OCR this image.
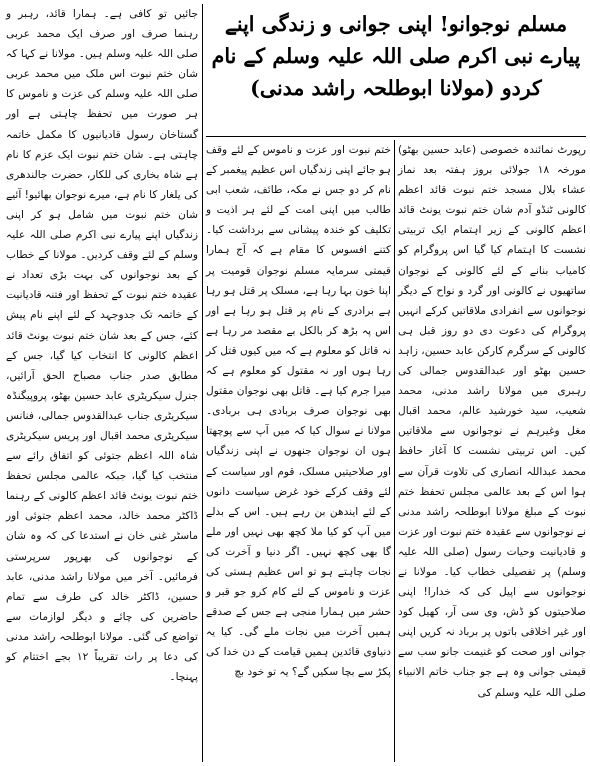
مسلم نوجوانو! اپنی جوانی و زندگی اپنے پیارے نبی اکرم صلی اللہ علیہ وسلم کے نام کردو (مولانا ابوطلحہ راشد مدنی)

رپورٹ نمائندہ خصوصی (عابد حسین بھٹو) مورخہ ۱۸ جولائی بروز ہفتہ بعد نماز عشاء بلال مسجد ختم نبوت قائد اعظم کالونی ٹنڈو آدم شان ختم نبوت یونٹ قائد اعظم کالونی کے زیر اہتمام ایک تربیتی نشست کا اہتمام کیا گیا اس پروگرام کو کامیاب بنانے کے لئے کالونی کے نوجوان ساتھیوں نے کالونی اور گرد و نواح کے دیگر نوجوانوں سے انفرادی ملاقاتیں کرکے انہیں پروگرام کی دعوت دی دو روز قبل ہی کالونی کے سرگرم کارکن عابد حسین، زاہد حسین بھٹو اور عبدالقدوس جمالی کی رہبری میں مولانا راشد مدنی، محمد شعیب، سید خورشید عالم، محمد اقبال مغل وغیرہم نے نوجوانوں سے ملاقاتیں کیں۔ اس تربیتی نشست کا آغاز حافظ محمد عبداللہ انصاری کی تلاوت قرآن سے ہوا اس کے بعد عالمی مجلس تحفظ ختم نبوت کے مبلغ مولانا ابوطلحہ راشد مدنی نے نوجوانوں سے عقیدہ ختم نبوت اور عزت و قادیانیت وحیات رسول (صلی اللہ علیہ وسلم) پر تفصیلی خطاب کیا۔ مولانا نے نوجوانوں سے اپیل کی کہ خدارا! اپنی صلاحیتوں کو ڈش، وی سی آر، کھیل کود اور غیر اخلاقی باتوں پر برباد نہ کریں اپنی جوانی اور صحت کو غنیمت جانو سب سے قیمتی جوانی وہ ہے جو جناب خاتم الانبیاء صلی اللہ علیہ وسلم کی

ختم نبوت اور عزت و ناموس کے لئے وقف ہو جائے اپنی زندگیاں اس عظیم پیغمبر کے نام کر دو جس نے مکہ، طائف، شعب ابی طالب میں اپنی امت کے لئے ہر اذیت و تکلیف کو خندہ پیشانی سے برداشت کیا۔ کتنے افسوس کا مقام ہے کہ آج ہمارا قیمتی سرمایہ مسلم نوجوان قومیت پر اپنا خون بہا رہا ہے، مسلک پر قتل ہو رہا ہے برادری کے نام پر قتل ہو رہا ہے اور اس پہ بڑھ کر بالکل بے مقصد مر رہا ہے نہ قاتل کو معلوم ہے کہ میں کیوں قتل کر رہا ہوں اور نہ مقتول کو معلوم ہے کہ میرا جرم کیا ہے۔ قاتل بھی نوجوان مقتول بھی نوجوان صرف بربادی ہی بربادی۔ مولانا نے سوال کیا کہ میں آپ سے پوچھتا ہوں ان نوجوان جنھوں نے اپنی زندگیاں اور صلاحیتیں مسلک، قوم اور سیاست کے لئے وقف کرکے خود غرض سیاست دانوں کے لئے ایندھن بن رہے ہیں۔ اس کے بدلے میں آپ کو کیا ملا کچھ بھی نہیں اور ملے گا بھی کچھ نہیں۔ اگر دنیا و آخرت کی نجات چاہتے ہو تو اس عظیم ہستی کی عزت و ناموس کے لئے کام کرو جو قبر و حشر میں ہمارا منجی ہے جس کے صدقے ہمیں آخرت میں نجات ملے گی۔ کیا یہ دنیاوی قائدین ہمیں قیامت کے دن خدا کی پکڑ سے بچا سکیں گے؟ یہ تو خود بچ

جائیں تو کافی ہے۔ ہمارا قائد، رہبر و رہنما صرف اور صرف ایک محمد عربی صلی اللہ علیہ وسلم ہیں۔ مولانا نے کہا کہ شان ختم نبوت اس ملک میں محمد عربی صلی اللہ علیہ وسلم کی عزت و ناموس کا ہر صورت میں تحفظ چاہتی ہے اور گستاخان رسول قادیانیوں کا مکمل خاتمہ چاہتی ہے۔ شان ختم نبوت ایک عزم کا نام ہے شاہ بخاری کی للکار، حضرت جالندھری کی یلغار کا نام ہے، میرے نوجوان بھائیو! آئیے شان ختم نبوت میں شامل ہو کر اپنی زندگیاں اپنے پیارے نبی اکرم صلی اللہ علیہ وسلم کے لئے وقف کردیں۔ مولانا کے خطاب کے بعد نوجوانوں کی بہت بڑی تعداد نے عقیدہ ختم نبوت کے تحفظ اور فتنہ قادیانیت کے خاتمہ تک جدوجہد کے لئے اپنے نام پیش کئے، جس کے بعد شان ختم نبوت یونٹ قائد اعظم کالونی کا انتخاب کیا گیا، جس کے مطابق صدر جناب مصباح الحق آرائیں، جنرل سیکریٹری عابد حسین بھٹو، پروپیگنڈہ سیکریٹری جناب عبدالقدوس جمالی، فنانس سیکریٹری محمد اقبال اور پریس سیکریٹری شاہ اللہ اعظم جتوئی کو اتفاق رائے سے منتخب کیا گیا، جبکہ عالمی مجلس تحفظ ختم نبوت یونٹ قائد اعظم کالونی کے رہنما ڈاکٹر محمد خالد، محمد اعظم جتوئی اور ماسٹر غنی خان نے استدعا کی کہ وہ شان کے نوجوانوں کی بھرپور سرپرستی فرمائیں۔ آخر میں مولانا راشد مدنی، عابد حسین، ڈاکٹر خالد کی طرف سے تمام حاضرین کی چائے و دیگر لوازمات سے تواضع کی گئی۔ مولانا ابوطلحہ راشد مدنی کی دعا پر رات تقریباً ۱۲ بجے اختتام کو پہنچا۔
